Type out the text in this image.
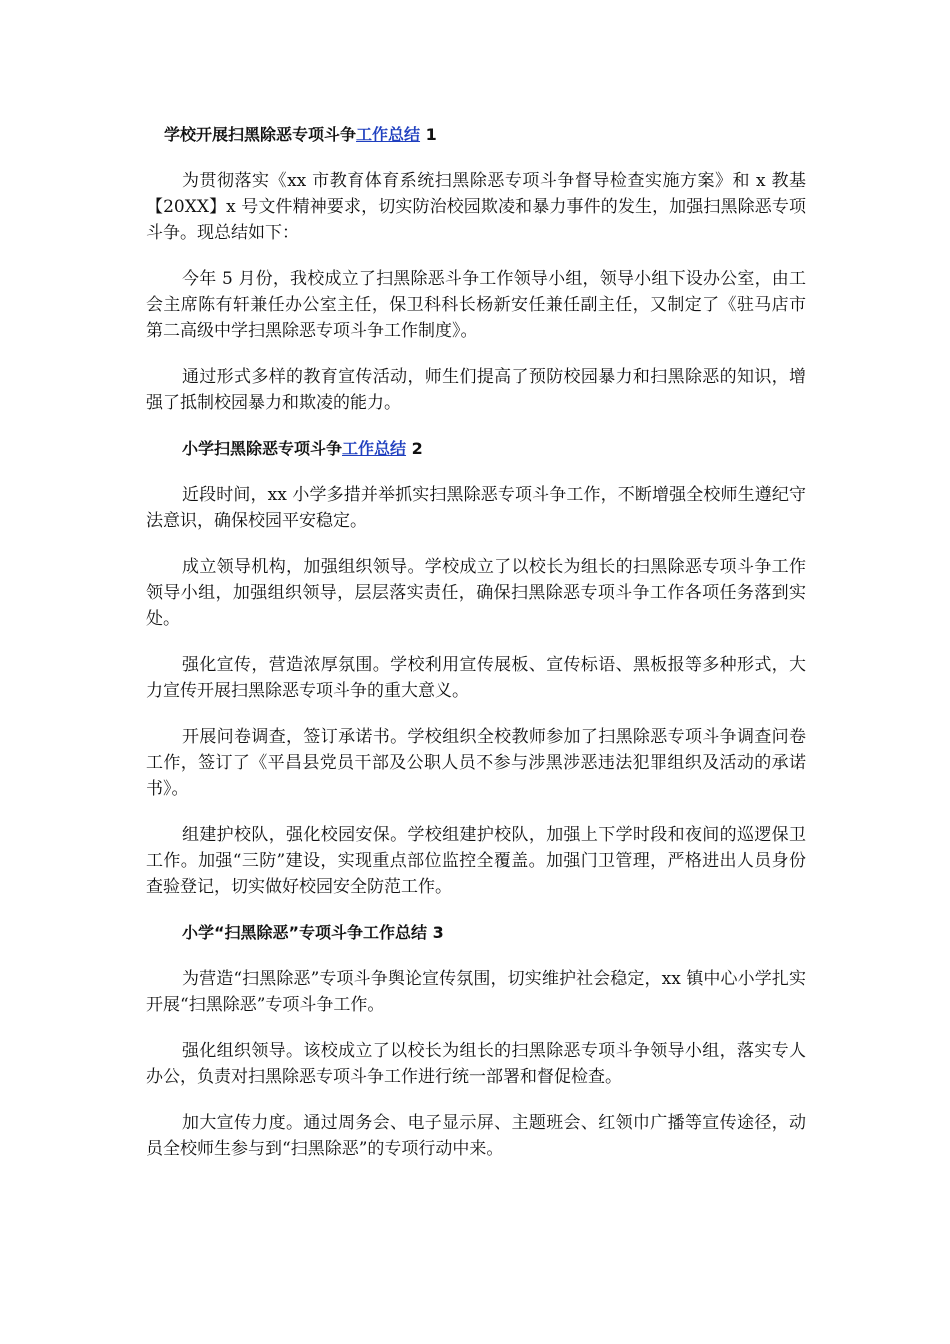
学校开展扫黑除恶专项斗争工作总结 1

为贯彻落实《xx 市教育体育系统扫黑除恶专项斗争督导检查实施方案》和 x 教基【20XX】x 号文件精神要求，切实防治校园欺凌和暴力事件的发生，加强扫黑除恶专项斗争。现总结如下：

今年 5 月份，我校成立了扫黑除恶斗争工作领导小组，领导小组下设办公室，由工会主席陈有轩兼任办公室主任，保卫科科长杨新安任兼任副主任，又制定了《驻马店市第二高级中学扫黑除恶专项斗争工作制度》。

通过形式多样的教育宣传活动，师生们提高了预防校园暴力和扫黑除恶的知识，增强了抵制校园暴力和欺凌的能力。

小学扫黑除恶专项斗争工作总结 2

近段时间，xx 小学多措并举抓实扫黑除恶专项斗争工作，不断增强全校师生遵纪守法意识，确保校园平安稳定。

成立领导机构，加强组织领导。学校成立了以校长为组长的扫黑除恶专项斗争工作领导小组，加强组织领导，层层落实责任，确保扫黑除恶专项斗争工作各项任务落到实处。

强化宣传，营造浓厚氛围。学校利用宣传展板、宣传标语、黑板报等多种形式，大力宣传开展扫黑除恶专项斗争的重大意义。

开展问卷调查，签订承诺书。学校组织全校教师参加了扫黑除恶专项斗争调查问卷工作，签订了《平昌县党员干部及公职人员不参与涉黑涉恶违法犯罪组织及活动的承诺书》。

组建护校队，强化校园安保。学校组建护校队，加强上下学时段和夜间的巡逻保卫工作。加强“三防”建设，实现重点部位监控全覆盖。加强门卫管理，严格进出人员身份查验登记，切实做好校园安全防范工作。

小学“扫黑除恶”专项斗争工作总结 3

为营造“扫黑除恶”专项斗争舆论宣传氛围，切实维护社会稳定，xx 镇中心小学扎实开展“扫黑除恶”专项斗争工作。

强化组织领导。该校成立了以校长为组长的扫黑除恶专项斗争领导小组，落实专人办公，负责对扫黑除恶专项斗争工作进行统一部署和督促检查。

加大宣传力度。通过周务会、电子显示屏、主题班会、红领巾广播等宣传途径，动员全校师生参与到“扫黑除恶”的专项行动中来。
